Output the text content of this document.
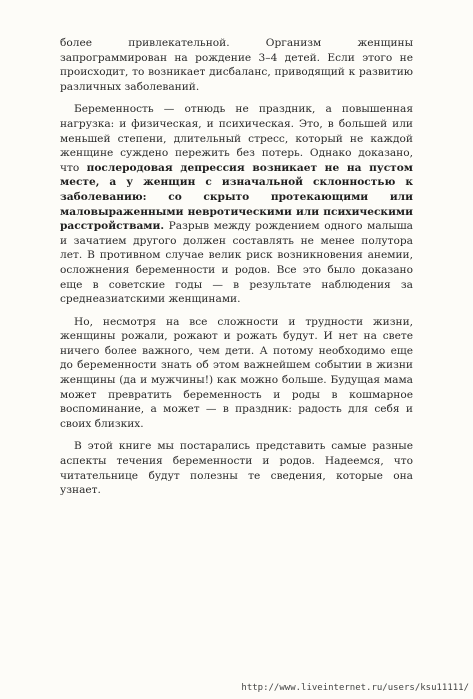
более привлекательной. Организм женщины запрограммирован на рождение 3–4 детей. Если этого не происходит, то возникает дисбаланс, приводящий к развитию различных заболеваний.

Беременность — отнюдь не праздник, а повышенная нагрузка: и физическая, и психическая. Это, в большей или меньшей степени, длительный стресс, который не каждой женщине суждено пережить без потерь. Однако доказано, что послеродовая депрессия возникает не на пустом месте, а у женщин с изначальной склонностью к заболеванию: со скрыто протекающими или маловыраженными невротическими или психическими расстройствами. Разрыв между рождением одного малыша и зачатием другого должен составлять не менее полутора лет. В противном случае велик риск возникновения анемии, осложнения беременности и родов. Все это было доказано еще в советские годы — в результате наблюдения за среднеазиатскими женщинами.

Но, несмотря на все сложности и трудности жизни, женщины рожали, рожают и рожать будут. И нет на свете ничего более важного, чем дети. А потому необходимо еще до беременности знать об этом важнейшем событии в жизни женщины (да и мужчины!) как можно больше. Будущая мама может превратить беременность и роды в кошмарное воспоминание, а может — в праздник: радость для себя и своих близких.

В этой книге мы постарались представить самые разные аспекты течения беременности и родов. Надеемся, что читательнице будут полезны те сведения, которые она узнает.

http://www.liveinternet.ru/users/ksu11111/
